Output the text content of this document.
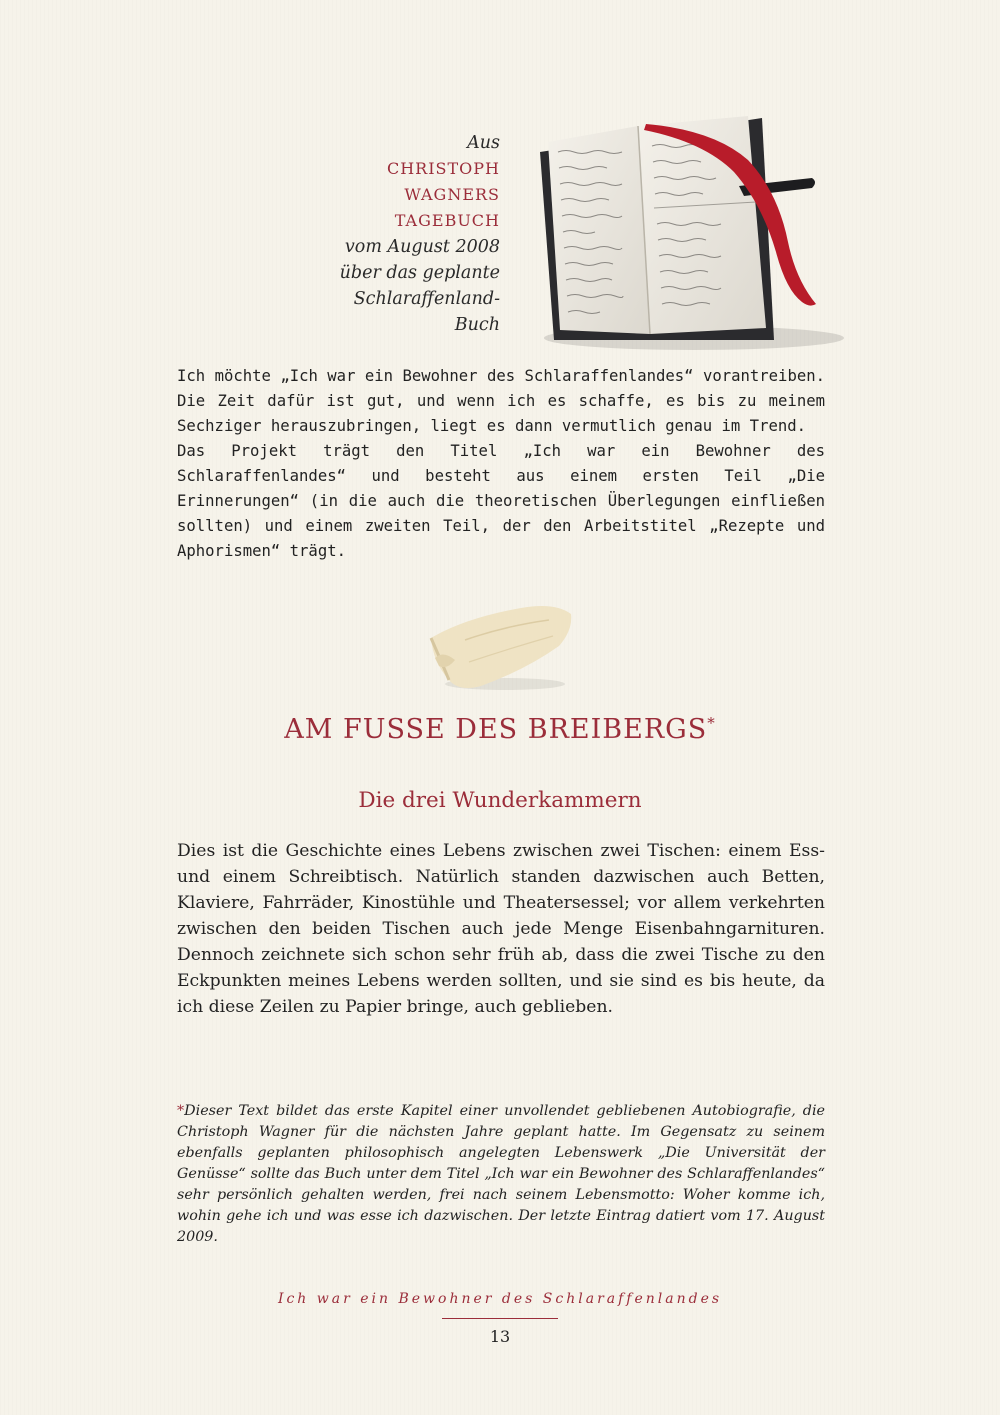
Aus
CHRISTOPH
WAGNERS
TAGEBUCH
vom August 2008
über das geplante
Schlaraffenland-
Buch

Ich möchte „Ich war ein Bewohner des Schlaraffenlandes“ vorantreiben. Die Zeit dafür ist gut, und wenn ich es schaffe, es bis zu meinem Sechziger herauszubringen, liegt es dann vermutlich genau im Trend.

Das Projekt trägt den Titel „Ich war ein Bewohner des Schlaraffenlandes“ und besteht aus einem ersten Teil „Die Erinnerungen“ (in die auch die theoretischen Überlegungen einfließen sollten) und einem zweiten Teil, der den Arbeitstitel „Rezepte und Aphorismen“ trägt.

AM FUSSE DES BREIBERGS*
Die drei Wunderkammern

Dies ist die Geschichte eines Lebens zwischen zwei Tischen: einem Ess- und einem Schreibtisch. Natürlich standen dazwischen auch Betten, Klaviere, Fahrräder, Kinostühle und Theatersessel; vor allem verkehrten zwischen den beiden Tischen auch jede Menge Eisenbahngarnituren. Dennoch zeichnete sich schon sehr früh ab, dass die zwei Tische zu den Eckpunkten meines Lebens werden sollten, und sie sind es bis heute, da ich diese Zeilen zu Papier bringe, auch geblieben.

*Dieser Text bildet das erste Kapitel einer unvollendet gebliebenen Autobiografie, die Christoph Wagner für die nächsten Jahre geplant hatte. Im Gegensatz zu seinem ebenfalls geplanten philosophisch angelegten Lebenswerk „Die Universität der Genüsse“ sollte das Buch unter dem Titel „Ich war ein Bewohner des Schlaraffenlandes“ sehr persönlich gehalten werden, frei nach seinem Lebensmotto: Woher komme ich, wohin gehe ich und was esse ich dazwischen. Der letzte Eintrag datiert vom 17. August 2009.

Ich war ein Bewohner des Schlaraffenlandes
13
